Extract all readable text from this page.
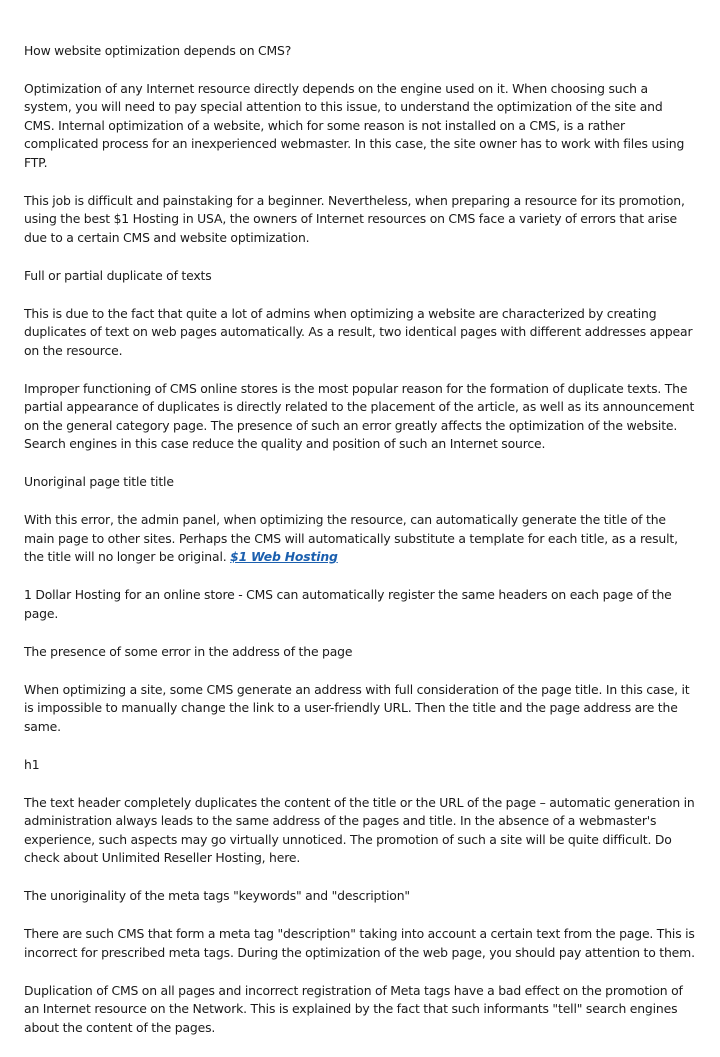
How website optimization depends on CMS?

Optimization of any Internet resource directly depends on the engine used on it. When choosing such a system, you will need to pay special attention to this issue, to understand the optimization of the site and CMS. Internal optimization of a website, which for some reason is not installed on a CMS, is a rather complicated process for an inexperienced webmaster. In this case, the site owner has to work with files using FTP.

This job is difficult and painstaking for a beginner. Nevertheless, when preparing a resource for its promotion, using the best $1 Hosting in USA, the owners of Internet resources on CMS face a variety of errors that arise due to a certain CMS and website optimization.

Full or partial duplicate of texts

This is due to the fact that quite a lot of admins when optimizing a website are characterized by creating duplicates of text on web pages automatically. As a result, two identical pages with different addresses appear on the resource.

Improper functioning of CMS online stores is the most popular reason for the formation of duplicate texts. The partial appearance of duplicates is directly related to the placement of the article, as well as its announcement on the general category page. The presence of such an error greatly affects the optimization of the website. Search engines in this case reduce the quality and position of such an Internet source.

Unoriginal page title title

With this error, the admin panel, when optimizing the resource, can automatically generate the title of the main page to other sites. Perhaps the CMS will automatically substitute a template for each title, as a result, the title will no longer be original. $1 Web Hosting

1 Dollar Hosting for an online store - CMS can automatically register the same headers on each page of the page.

The presence of some error in the address of the page

When optimizing a site, some CMS generate an address with full consideration of the page title. In this case, it is impossible to manually change the link to a user-friendly URL. Then the title and the page address are the same.

h1

The text header completely duplicates the content of the title or the URL of the page – automatic generation in administration always leads to the same address of the pages and title. In the absence of a webmaster's experience, such aspects may go virtually unnoticed. The promotion of such a site will be quite difficult. Do check about Unlimited Reseller Hosting, here.

The unoriginality of the meta tags "keywords" and "description"

There are such CMS that form a meta tag "description" taking into account a certain text from the page. This is incorrect for prescribed meta tags. During the optimization of the web page, you should pay attention to them.

Duplication of CMS on all pages and incorrect registration of Meta tags have a bad effect on the promotion of an Internet resource on the Network. This is explained by the fact that such informants "tell" search engines about the content of the pages.
